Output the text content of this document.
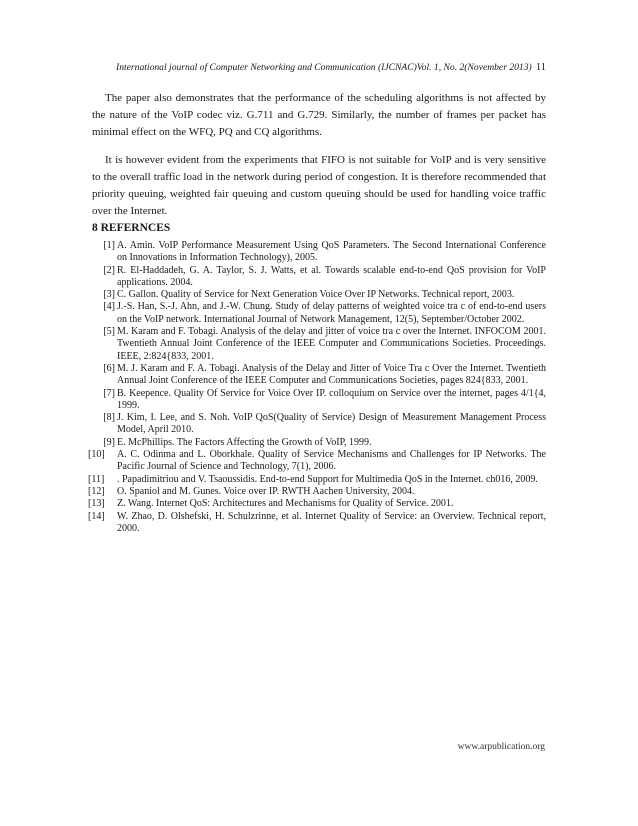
International journal of Computer Networking and Communication (IJCNAC)Vol. 1, No. 2(November 2013) 11

The paper also demonstrates that the performance of the scheduling algorithms is not affected by the nature of the VoIP codec viz. G.711 and G.729. Similarly, the number of frames per packet has minimal effect on the WFQ, PQ and CQ algorithms.

It is however evident from the experiments that FIFO is not suitable for VoIP and is very sensitive to the overall traffic load in the network during period of congestion. It is therefore recommended that priority queuing, weighted fair queuing and custom queuing should be used for handling voice traffic over the Internet.

8 REFERNCES
[1] A. Amin. VoIP Performance Measurement Using QoS Parameters. The Second International Conference on Innovations in Information Technology), 2005.
[2] R. El-Haddadeh, G. A. Taylor, S. J. Watts, et al. Towards scalable end-to-end QoS provision for VoIP applications. 2004.
[3] C. Gallon. Quality of Service for Next Generation Voice Over IP Networks. Technical report, 2003.
[4] J.-S. Han, S.-J. Ahn, and J.-W. Chung. Study of delay patterns of weighted voice tra c of end-to-end users on the VoIP network. International Journal of Network Management, 12(5), September/October 2002.
[5] M. Karam and F. Tobagi. Analysis of the delay and jitter of voice tra c over the Internet. INFOCOM 2001. Twentieth Annual Joint Conference of the IEEE Computer and Communications Societies. Proceedings. IEEE, 2:824{833, 2001.
[6] M. J. Karam and F. A. Tobagi. Analysis of the Delay and Jitter of Voice Tra c Over the Internet. Twentieth Annual Joint Conference of the IEEE Computer and Communications Societies, pages 824{833, 2001.
[7] B. Keepence. Quality Of Service for Voice Over IP. colloquium on Service over the internet, pages 4/1{4, 1999.
[8] J. Kim, I. Lee, and S. Noh. VoIP QoS(Quality of Service) Design of Measurement Management Process Model, April 2010.
[9] E. McPhillips. The Factors Affecting the Growth of VoIP, 1999.
[10]	A. C. Odinma and L. Oborkhale. Quality of Service Mechanisms and Challenges for IP Networks. The Pacific Journal of Science and Technology, 7(1), 2006.
[11]	. Papadimitriou and V. Tsaoussidis. End-to-end Support for Multimedia QoS in the Internet. ch016, 2009.
[12]	O. Spaniol and M. Gunes. Voice over IP. RWTH Aachen University, 2004.
[13]	Z. Wang. Internet QoS: Architectures and Mechanisms for Quality of Service. 2001.
[14]	W. Zhao, D. Olshefski, H. Schulzrinne, et al. Internet Quality of Service: an Overview. Technical report, 2000.
www.arpublication.org
